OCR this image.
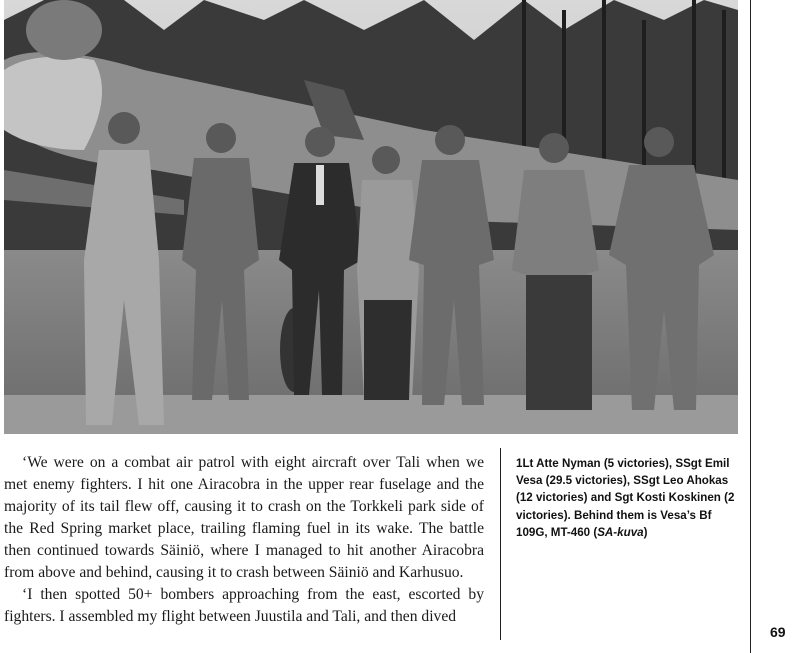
‘We were on a combat air patrol with eight aircraft over Tali when we met enemy fighters. I hit one Airacobra in the upper rear fuselage and the majority of its tail flew off, causing it to crash on the Torkkeli park side of the Red Spring market place, trailing flaming fuel in its wake. The battle then continued towards Säiniö, where I managed to hit another Airacobra from above and behind, causing it to crash between Säiniö and Karhusuo.

‘I then spotted 50+ bombers approaching from the east, escorted by fighters. I assembled my flight between Juustila and Tali, and then dived

1Lt Atte Nyman (5 victories), SSgt Emil Vesa (29.5 victories), SSgt Leo Ahokas (12 victories) and Sgt Kosti Koskinen (2 victories). Behind them is Vesa’s Bf 109G, MT-460 (SA-kuva)
69
